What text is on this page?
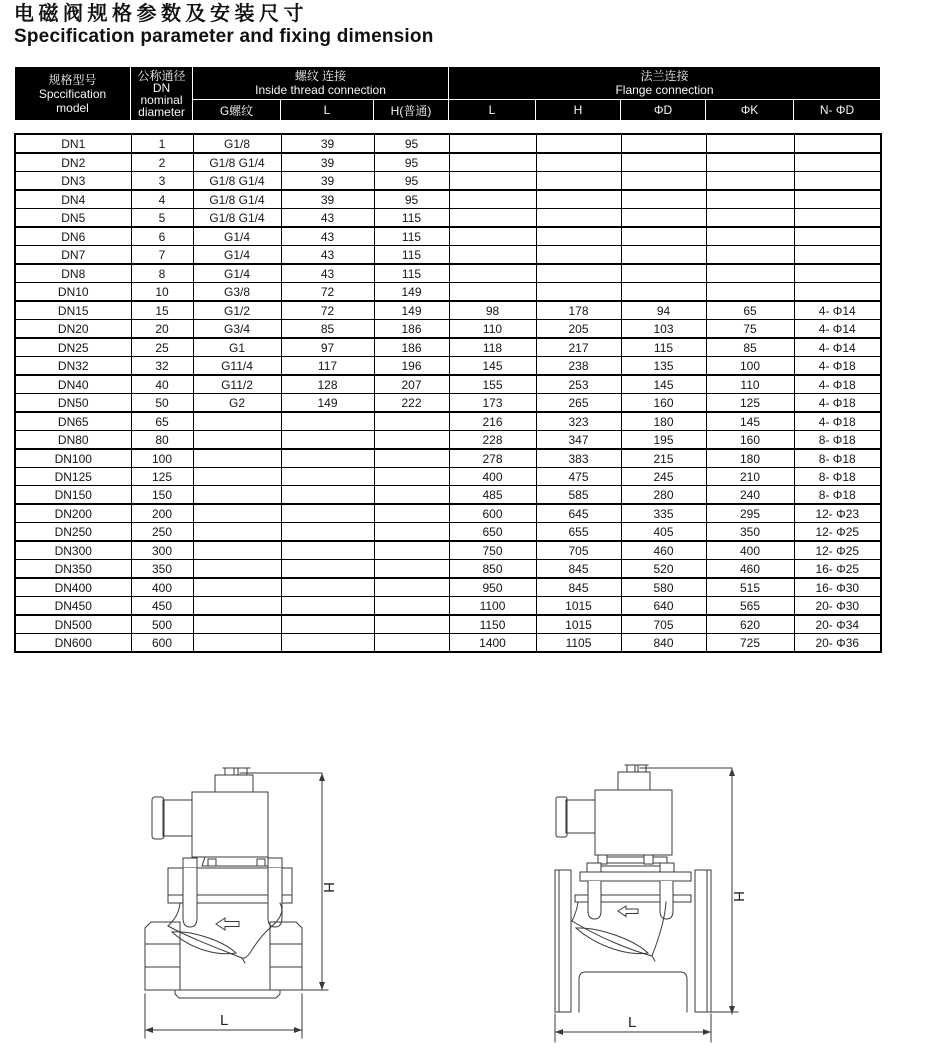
电磁阀规格参数及安装尺寸
Specification parameter and fixing dimension
规格型号
Spccification
model

公称通径
DN
nominal
diameter

螺纹 连接
Inside thread connection

法兰连接
Flange connection

		G螺纹	L	H(普通)	L	H	ΦD	ΦK	N- ΦD
DN1	1	G1/8	39	95					
DN2	2	G1/8 G1/4	39	95					
DN3	3	G1/8 G1/4	39	95					
DN4	4	G1/8 G1/4	39	95					
DN5	5	G1/8 G1/4	43	115					
DN6	6	G1/4	43	115					
DN7	7	G1/4	43	115					
DN8	8	G1/4	43	115					
DN10	10	G3/8	72	149					
DN15	15	G1/2	72	149	98	178	94	65	4- Φ14
DN20	20	G3/4	85	186	110	205	103	75	4- Φ14
DN25	25	G1	97	186	118	217	115	85	4- Φ14
DN32	32	G11/4	117	196	145	238	135	100	4- Φ18
DN40	40	G11/2	128	207	155	253	145	110	4- Φ18
DN50	50	G2	149	222	173	265	160	125	4- Φ18
DN65	65				216	323	180	145	4- Φ18
DN80	80				228	347	195	160	8- Φ18
DN100	100				278	383	215	180	8- Φ18
DN125	125				400	475	245	210	8- Φ18
DN150	150				485	585	280	240	8- Φ18
DN200	200				600	645	335	295	12- Φ23
DN250	250				650	655	405	350	12- Φ25
DN300	300				750	705	460	400	12- Φ25
DN350	350				850	845	520	460	16- Φ25
DN400	400				950	845	580	515	16- Φ30
DN450	450				1100	1015	640	565	20- Φ30
DN500	500				1150	1015	705	620	20- Φ34
DN600	600				1400	1105	840	725	20- Φ36
H
L
H
L
